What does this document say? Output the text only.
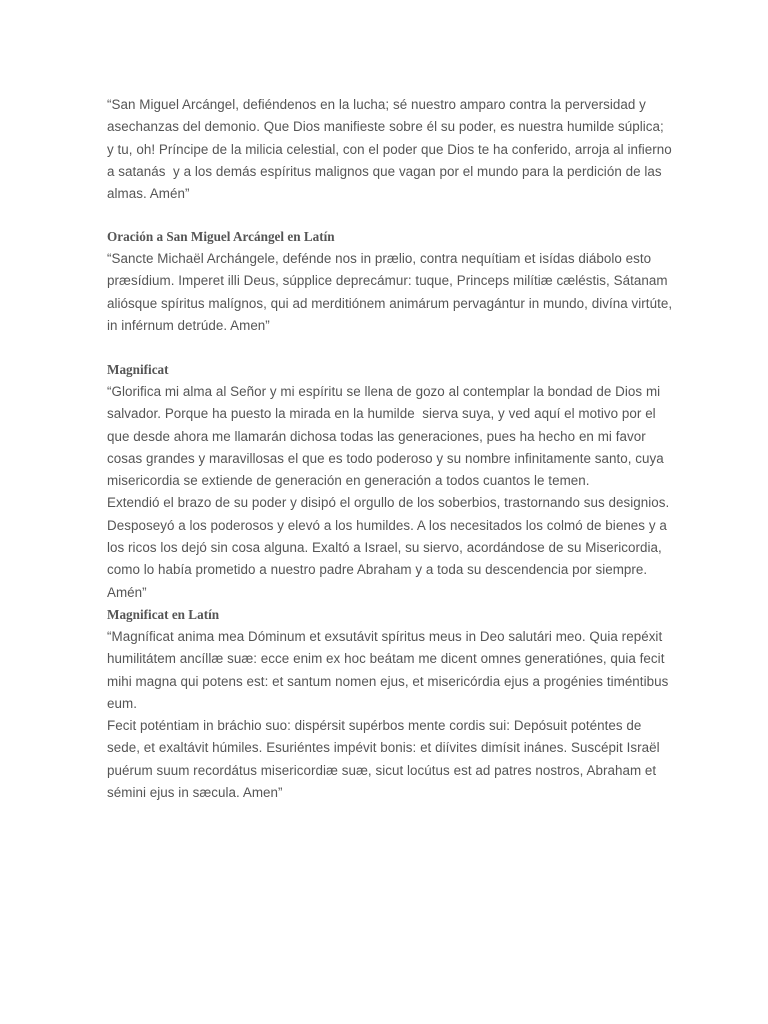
“San Miguel Arcángel, defiéndenos en la lucha; sé nuestro amparo contra la perversidad y
asechanzas del demonio. Que Dios manifieste sobre él su poder, es nuestra humilde súplica;
y tu, oh! Príncipe de la milicia celestial, con el poder que Dios te ha conferido, arroja al infierno
a satanás  y a los demás espíritus malignos que vagan por el mundo para la perdición de las
almas. Amén”
Oración a San Miguel Arcángel en Latín
“Sancte Michaël Archángele, defénde nos in prælio, contra nequítiam et isídas diábolo esto
præsídium. Imperet illi Deus, súpplice deprecámur: tuque, Princeps milítiæ cæléstis, Sátanam
aliósque spíritus malígnos, qui ad merditiónem animárum pervagántur in mundo, divína virtúte,
in inférnum detrúde. Amen”
Magnificat
“Glorifica mi alma al Señor y mi espíritu se llena de gozo al contemplar la bondad de Dios mi
salvador. Porque ha puesto la mirada en la humilde  sierva suya, y ved aquí el motivo por el
que desde ahora me llamarán dichosa todas las generaciones, pues ha hecho en mi favor
cosas grandes y maravillosas el que es todo poderoso y su nombre infinitamente santo, cuya
misericordia se extiende de generación en generación a todos cuantos le temen.
Extendió el brazo de su poder y disipó el orgullo de los soberbios, trastornando sus designios.
Desposeyó a los poderosos y elevó a los humildes. A los necesitados los colmó de bienes y a
los ricos los dejó sin cosa alguna. Exaltó a Israel, su siervo, acordándose de su Misericordia,
como lo había prometido a nuestro padre Abraham y a toda su descendencia por siempre.
Amén”
Magnificat en Latín
“Magníficat anima mea Dóminum et exsutávit spíritus meus in Deo salutári meo. Quia repéxit
humilitátem ancíllæ suæ: ecce enim ex hoc beátam me dicent omnes generatiónes, quia fecit
mihi magna qui potens est: et santum nomen ejus, et misericórdia ejus a progénies timéntibus
eum.
Fecit poténtiam in bráchio suo: dispérsit supérbos mente cordis sui: Depósuit poténtes de
sede, et exaltávit húmiles. Esuriéntes impévit bonis: et diívites dimísit inánes. Suscépit Israël
puérum suum recordátus misericordiæ suæ, sicut locútus est ad patres nostros, Abraham et
sémini ejus in sæcula. Amen”
